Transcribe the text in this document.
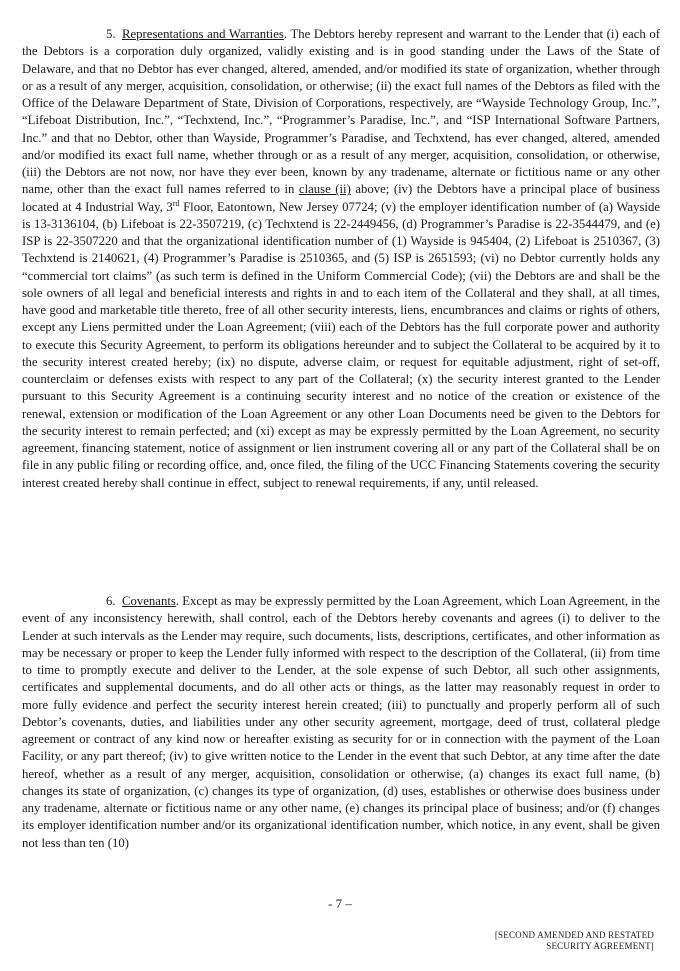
5. Representations and Warranties. The Debtors hereby represent and warrant to the Lender that (i) each of the Debtors is a corporation duly organized, validly existing and is in good standing under the Laws of the State of Delaware, and that no Debtor has ever changed, altered, amended, and/or modified its state of organization, whether through or as a result of any merger, acquisition, consolidation, or otherwise; (ii) the exact full names of the Debtors as filed with the Office of the Delaware Department of State, Division of Corporations, respectively, are “Wayside Technology Group, Inc.”, “Lifeboat Distribution, Inc.”, “Techxtend, Inc.”, “Programmer’s Paradise, Inc.”, and “ISP International Software Partners, Inc.” and that no Debtor, other than Wayside, Programmer’s Paradise, and Techxtend, has ever changed, altered, amended and/or modified its exact full name, whether through or as a result of any merger, acquisition, consolidation, or otherwise, (iii) the Debtors are not now, nor have they ever been, known by any tradename, alternate or fictitious name or any other name, other than the exact full names referred to in clause (ii) above; (iv) the Debtors have a principal place of business located at 4 Industrial Way, 3rd Floor, Eatontown, New Jersey 07724; (v) the employer identification number of (a) Wayside is 13-3136104, (b) Lifeboat is 22-3507219, (c) Techxtend is 22-2449456, (d) Programmer’s Paradise is 22-3544479, and (e) ISP is 22-3507220 and that the organizational identification number of (1) Wayside is 945404, (2) Lifeboat is 2510367, (3) Techxtend is 2140621, (4) Programmer’s Paradise is 2510365, and (5) ISP is 2651593; (vi) no Debtor currently holds any “commercial tort claims” (as such term is defined in the Uniform Commercial Code); (vii) the Debtors are and shall be the sole owners of all legal and beneficial interests and rights in and to each item of the Collateral and they shall, at all times, have good and marketable title thereto, free of all other security interests, liens, encumbrances and claims or rights of others, except any Liens permitted under the Loan Agreement; (viii) each of the Debtors has the full corporate power and authority to execute this Security Agreement, to perform its obligations hereunder and to subject the Collateral to be acquired by it to the security interest created hereby; (ix) no dispute, adverse claim, or request for equitable adjustment, right of set-off, counterclaim or defenses exists with respect to any part of the Collateral; (x) the security interest granted to the Lender pursuant to this Security Agreement is a continuing security interest and no notice of the creation or existence of the renewal, extension or modification of the Loan Agreement or any other Loan Documents need be given to the Debtors for the security interest to remain perfected; and (xi) except as may be expressly permitted by the Loan Agreement, no security agreement, financing statement, notice of assignment or lien instrument covering all or any part of the Collateral shall be on file in any public filing or recording office, and, once filed, the filing of the UCC Financing Statements covering the security interest created hereby shall continue in effect, subject to renewal requirements, if any, until released.
6. Covenants. Except as may be expressly permitted by the Loan Agreement, which Loan Agreement, in the event of any inconsistency herewith, shall control, each of the Debtors hereby covenants and agrees (i) to deliver to the Lender at such intervals as the Lender may require, such documents, lists, descriptions, certificates, and other information as may be necessary or proper to keep the Lender fully informed with respect to the description of the Collateral, (ii) from time to time to promptly execute and deliver to the Lender, at the sole expense of such Debtor, all such other assignments, certificates and supplemental documents, and do all other acts or things, as the latter may reasonably request in order to more fully evidence and perfect the security interest herein created; (iii) to punctually and properly perform all of such Debtor’s covenants, duties, and liabilities under any other security agreement, mortgage, deed of trust, collateral pledge agreement or contract of any kind now or hereafter existing as security for or in connection with the payment of the Loan Facility, or any part thereof; (iv) to give written notice to the Lender in the event that such Debtor, at any time after the date hereof, whether as a result of any merger, acquisition, consolidation or otherwise, (a) changes its exact full name, (b) changes its state of organization, (c) changes its type of organization, (d) uses, establishes or otherwise does business under any tradename, alternate or fictitious name or any other name, (e) changes its principal place of business; and/or (f) changes its employer identification number and/or its organizational identification number, which notice, in any event, shall be given not less than ten (10)
- 7 –
[SECOND AMENDED AND RESTATED
SECURITY AGREEMENT]
